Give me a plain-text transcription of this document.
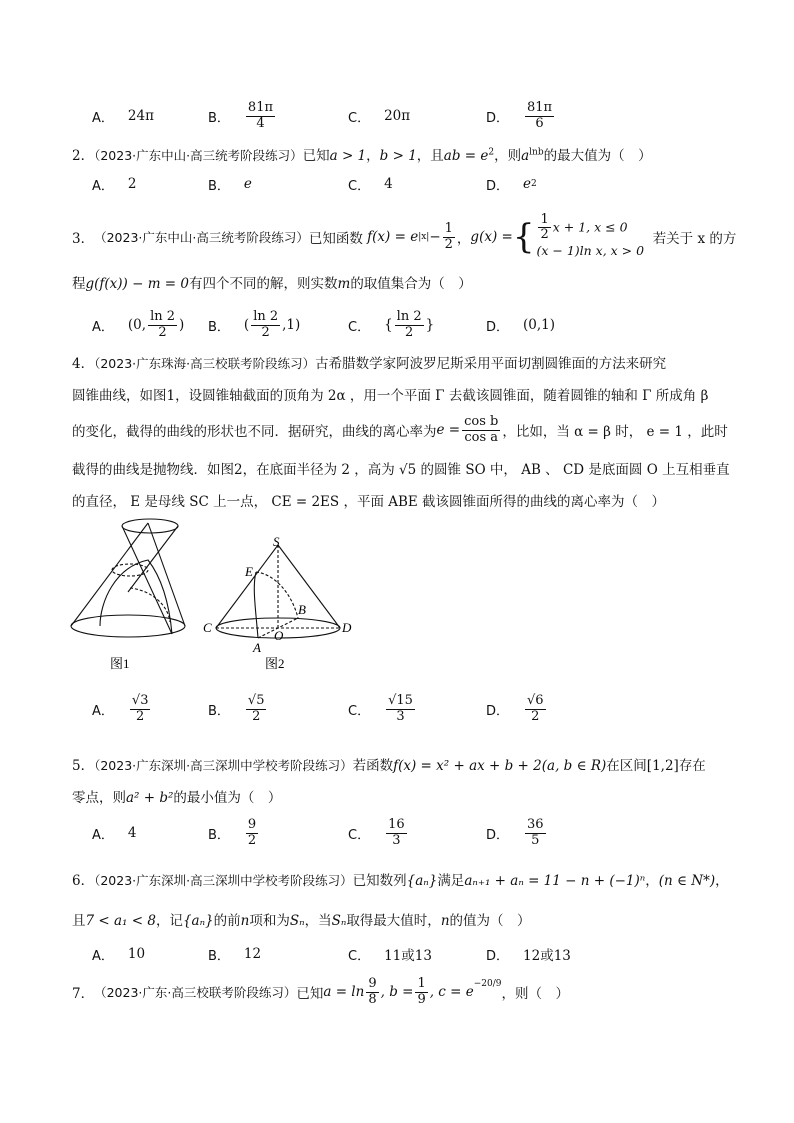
A． 24π	B． $\frac{81\pi}{4}$	C． 20π	D． $\frac{81\pi}{6}$
2．（2023·广东中山·高三统考阶段练习）已知a > 1，b > 1，且ab = $e^2$，则$a^{lnb}$的最大值为（　）
A． 2	B． e	C． 4	D． e 2
3． （2023·广东中山·高三统考阶段练习） 已知函数
f(x) = e $|x| - \frac{1}{2}$ ， g(x) = { $\frac{1}{2}$ x + 1, x ≤ 0
(x − 1)ln x, x > 0

若关于 x 的方
程g(f(x)) − m = 0有四个不同的解，则实数m的取值集合为（　）
A． (0, $\frac{\ln 2}{2}$ ) B． ( $\frac{\ln 2}{2} ,1$)	C． { $\frac{\ln 2}{2}$ }	D． (0,1)
4．（2023·广东珠海·高三校联考阶段练习）古希腊数学家阿波罗尼斯采用平面切割圆锥面的方法来研究
圆锥曲线，如图1，设圆锥轴截面的顶角为 2α ，用一个平面 Γ 去截该圆锥面，随着圆锥的轴和 Γ 所成角 β
的变化，截得的曲线的形状也不同．据研究，曲线的离心率为 $e = \frac{\text{cos b}}{\text{cos a}}$ ，比如，当 α = β 时， e = 1 ，此时
截得的曲线是抛物线．如图2，在底面半径为 2 ，高为 √5 的圆锥 SO 中， AB 、 CD 是底面圆 O 上互相垂直
的直径， E 是母线 SC 上一点， CE = 2ES ，平面 ABE 截该圆锥面所得的曲线的离心率为（　）
图1
S
E
B
C
O
D
A
图2
A． $\frac{√3}{2}$	B． $\frac{√5}{2}$	C． $\frac{√15}{3}$	D． $\frac{√6}{2}$
5．（2023·广东深圳·高三深圳中学校考阶段练习）若函数f(x) = x² + ax + b + 2(a, b ∈ R)在区间[1,2]存在
零点，则a² + b²的最小值为（　）
A． 4	B． $\frac{9}{2}$	C． $\frac{16}{3}$	D． $\frac{36}{5}$
6．（2023·广东深圳·高三深圳中学校考阶段练习）已知数列{aₙ}满足aₙ₊₁ + aₙ = 11 − n + (−1)ⁿ，(n ∈ N*)，
且7 < a₁ < 8，记{aₙ}的前n项和为Sₙ，当Sₙ取得最大值时，n的值为（　）
A． 10	B． 12	C． 11或13	D． 12或13
7． （2023·广东·高三校联考阶段练习） 已知 $a = \ln \frac{9}{8}$ , $b = \frac{1}{9}$ , c = e −20/9
，则（　）
